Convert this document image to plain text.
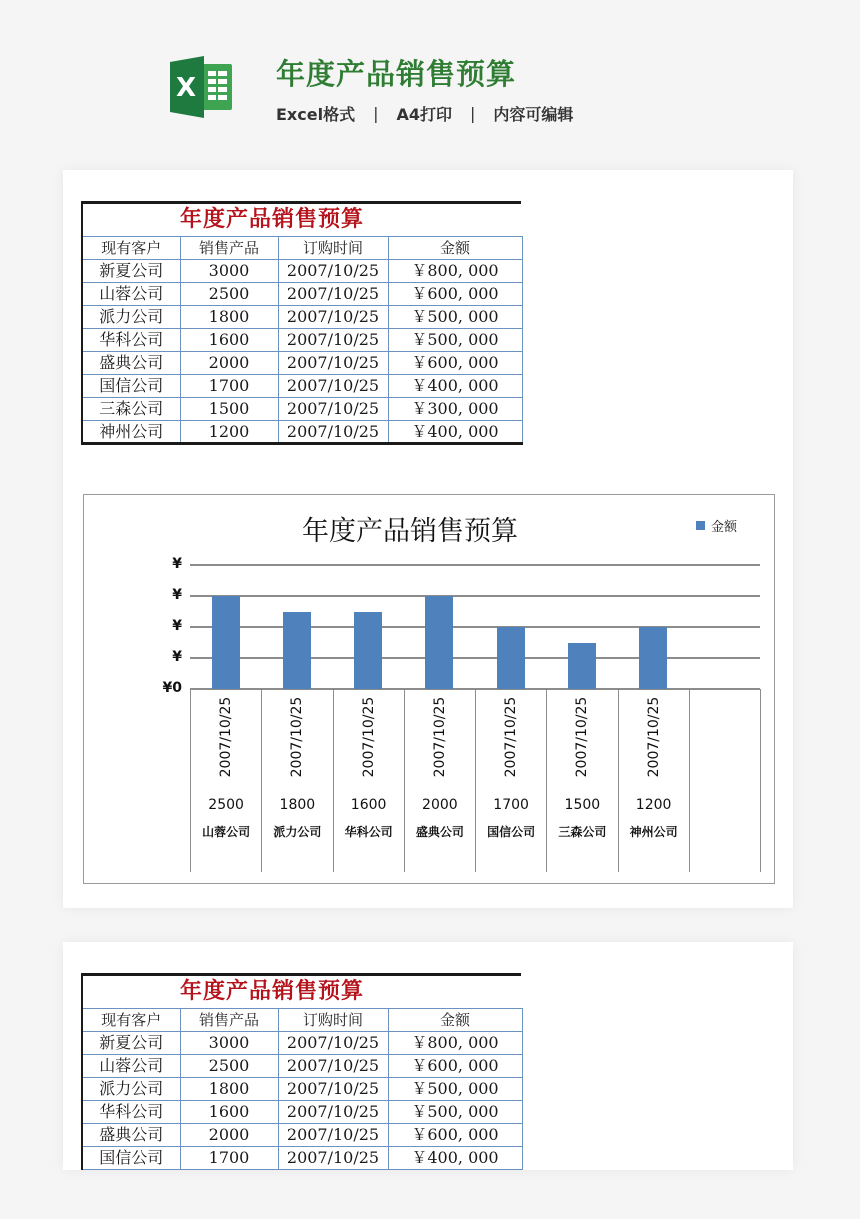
X	年度产品销售预算
Excel格式 | A4打印 | 内容可编辑
年度产品销售预算
现有客户	销售产品	订购时间	金额
新夏公司	3000	2007/10/25	￥800, 000
山蓉公司	2500	2007/10/25	￥600, 000
派力公司	1800	2007/10/25	￥500, 000
华科公司	1600	2007/10/25	￥500, 000
盛典公司	2000	2007/10/25	￥600, 000
国信公司	1700	2007/10/25	￥400, 000
三森公司	1500	2007/10/25	￥300, 000
神州公司	1200	2007/10/25	￥400, 000
年度产品销售预算	金额
¥
¥
¥
¥
¥0
2007/10/25
2500
山蓉公司
2007/10/25
1800
派力公司
2007/10/25
1600
华科公司
2007/10/25
2000
盛典公司
2007/10/25
1700
国信公司
2007/10/25
1500
三森公司
2007/10/25
1200
神州公司
年度产品销售预算
现有客户	销售产品	订购时间	金额
新夏公司	3000	2007/10/25	￥800, 000
山蓉公司	2500	2007/10/25	￥600, 000
派力公司	1800	2007/10/25	￥500, 000
华科公司	1600	2007/10/25	￥500, 000
盛典公司	2000	2007/10/25	￥600, 000
国信公司	1700	2007/10/25	￥400, 000
